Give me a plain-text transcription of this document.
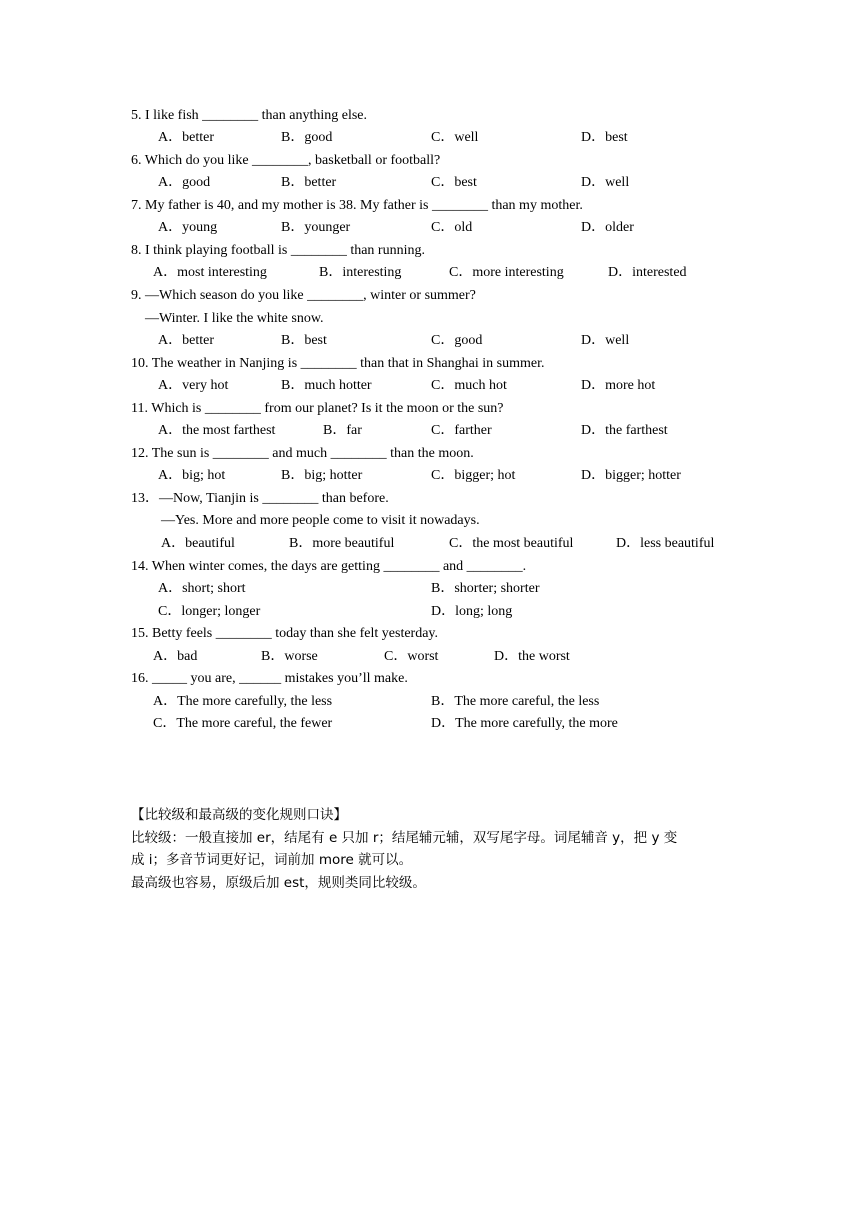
5. I like fish ________ than anything else.
A．better	B．good	C．well	D．best
6. Which do you like ________, basketball or football?
A．good	B．better	C．best	D．well
7. My father is 40, and my mother is 38. My father is ________ than my mother.
A．young	B．younger	C．old	D．older
8. I think playing football is ________ than running.
A．most interesting	B．interesting	C．more interesting	D．interested
9. —Which season do you like ________, winter or summer?
—Winter. I like the white snow.
A．better	B．best	C．good	D．well
10. The weather in Nanjing is ________ than that in Shanghai in summer.
A．very hot	B．much hotter	C．much hot	D．more hot
11. Which is ________ from our planet? Is it the moon or the sun?
A．the most farthest	B．far	C．farther	D．the farthest
12. The sun is ________ and much ________ than the moon.
A．big; hot	B．big; hotter	C．bigger; hot	D．bigger; hotter
13．—Now, Tianjin is ________ than before.
—Yes. More and more people come to visit it nowadays.
A．beautiful	B．more beautiful	C．the most beautiful	D．less beautiful
14. When winter comes, the days are getting ________ and ________.
A．short; short	B．shorter; shorter
C．longer; longer	D．long; long
15. Betty feels ________ today than she felt yesterday.
A．bad	B．worse	C．worst	D．the worst
16. _____ you are, ______ mistakes you’ll make.
A．The more carefully, the less	B．The more careful, the less
C．The more careful, the fewer	D．The more carefully, the more
【比较级和最高级的变化规则口诀】
比较级：一般直接加 er，结尾有 e 只加 r；结尾辅元辅，双写尾字母。词尾辅音 y，把 y 变
成 i；多音节词更好记，词前加 more 就可以。
最高级也容易，原级后加 est，规则类同比较级。
